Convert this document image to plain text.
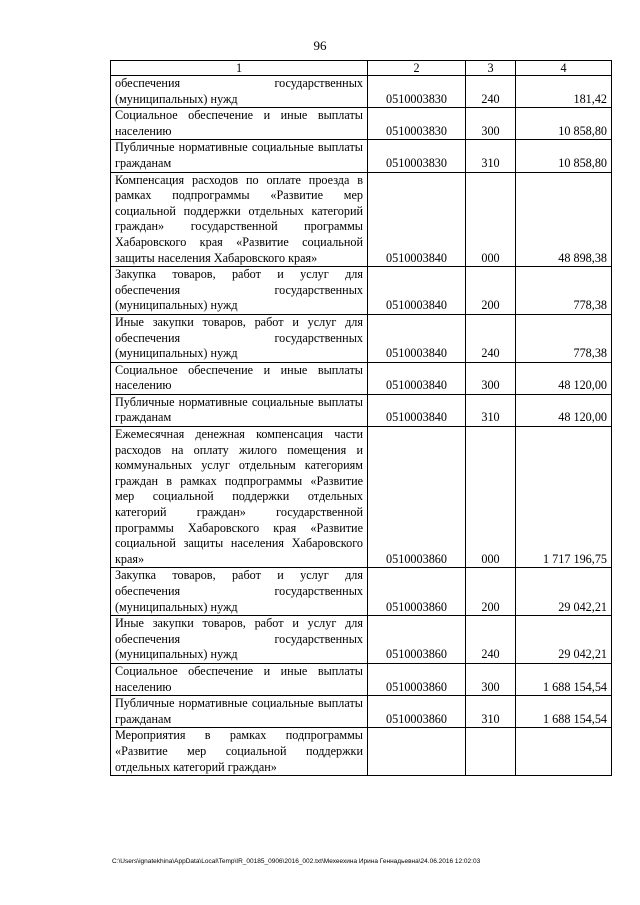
96
1	2	3	4
обеспечения государственных (муниципальных) нужд	0510003830	240	181,42
Социальное обеспечение и иные выплаты населению	0510003830	300	10 858,80
Публичные нормативные социальные выплаты гражданам	0510003830	310	10 858,80
Компенсация расходов по оплате проезда в рамках подпрограммы «Развитие мер социальной поддержки отдельных категорий граждан» государственной программы Хабаровского края «Развитие социальной защиты населения Хабаровского края»	0510003840	000	48 898,38
Закупка товаров, работ и услуг для обеспечения государственных (муниципальных) нужд	0510003840	200	778,38
Иные закупки товаров, работ и услуг для обеспечения государственных (муниципальных) нужд	0510003840	240	778,38
Социальное обеспечение и иные выплаты населению	0510003840	300	48 120,00
Публичные нормативные социальные выплаты гражданам	0510003840	310	48 120,00
Ежемесячная денежная компенсация части расходов на оплату жилого помещения и коммунальных услуг отдельным категориям граждан в рамках подпрограммы «Развитие мер социальной поддержки отдельных категорий граждан» государственной программы Хабаровского края «Развитие социальной защиты населения Хабаровского края»	0510003860	000	1 717 196,75
Закупка товаров, работ и услуг для обеспечения государственных (муниципальных) нужд	0510003860	200	29 042,21
Иные закупки товаров, работ и услуг для обеспечения государственных (муниципальных) нужд	0510003860	240	29 042,21
Социальное обеспечение и иные выплаты населению	0510003860	300	1 688 154,54
Публичные нормативные социальные выплаты гражданам	0510003860	310	1 688 154,54
Мероприятия в рамках подпрограммы «Развитие мер социальной поддержки отдельных категорий граждан»			
C:\Users\ignatekhina\AppData\Local\Temp\IR_00185_0906\2016_002.txt\Мехеехина Ирина Геннадьевна\24.06.2016 12:02:03
